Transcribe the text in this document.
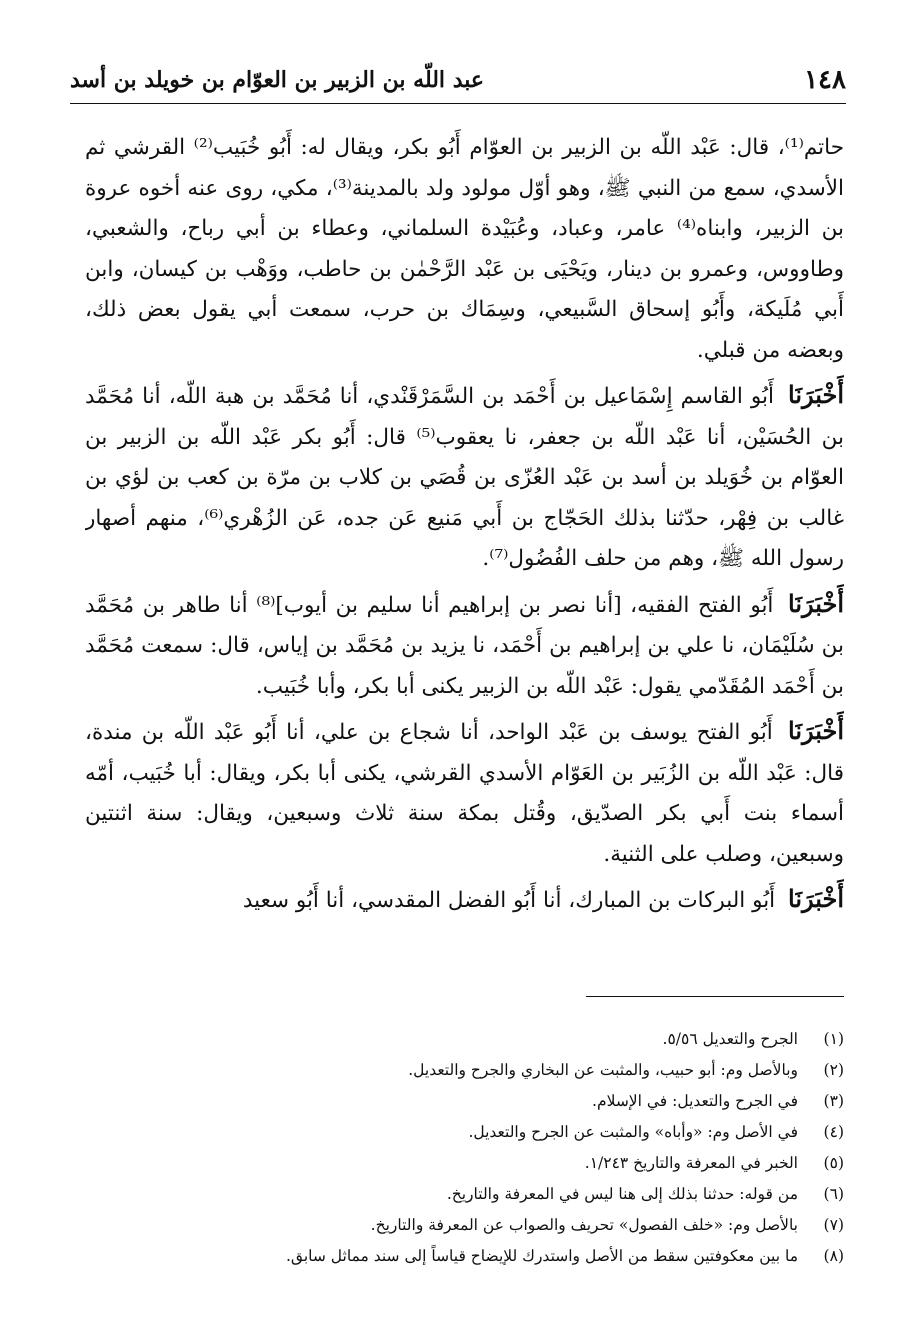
١٤٨
عبد اللّه بن الزبير بن العوّام بن خويلد بن أسد

حاتم⁽¹⁾، قال: عَبْد اللّه بن الزبير بن العوّام أَبُو بكر، ويقال له: أَبُو خُبَيب⁽²⁾ القرشي ثم الأسدي، سمع من النبي ﷺ، وهو أوّل مولود ولد بالمدينة⁽³⁾، مكي، روى عنه أخوه عروة بن الزبير، وابناه⁽⁴⁾ عامر، وعباد، وعُبَيْدة السلماني، وعطاء بن أبي رباح، والشعبي، وطاووس، وعمرو بن دينار، ويَحْيَى بن عَبْد الرَّحْمٰن بن حاطب، ووَهْب بن كيسان، وابن أَبي مُلَيكة، وأَبُو إسحاق السَّبيعي، وسِمَاك بن حرب، سمعت أبي يقول بعض ذلك، وبعضه من قبلي.

أَخْبَرَنَا أَبُو القاسم إِسْمَاعيل بن أَحْمَد بن السَّمَرْقَنْدي، أنا مُحَمَّد بن هبة اللّه، أنا مُحَمَّد بن الحُسَيْن، أنا عَبْد اللّه بن جعفر، نا يعقوب⁽⁵⁾ قال: أَبُو بكر عَبْد اللّه بن الزبير بن العوّام بن خُوَيلد بن أسد بن عَبْد العُزّى بن قُصَي بن كلاب بن مرّة بن كعب بن لؤي بن غالب بن فِهْر، حدّثنا بذلك الحَجّاج بن أَبي مَنيع عَن جده، عَن الزُهْري⁽⁶⁾، منهم أصهار رسول الله ﷺ، وهم من حلف الفُضُول⁽⁷⁾.

أَخْبَرَنَا أَبُو الفتح الفقيه، [أنا نصر بن إبراهيم أنا سليم بن أيوب]⁽⁸⁾ أنا طاهر بن مُحَمَّد بن سُلَيْمَان، نا علي بن إبراهيم بن أَحْمَد، نا يزيد بن مُحَمَّد بن إياس، قال: سمعت مُحَمَّد بن أَحْمَد المُقَدّمي يقول: عَبْد اللّه بن الزبير يكنى أبا بكر، وأبا خُبَيب.

أَخْبَرَنَا أَبُو الفتح يوسف بن عَبْد الواحد، أنا شجاع بن علي، أنا أَبُو عَبْد اللّه بن مندة، قال: عَبْد اللّه بن الزُبَير بن العَوّام الأسدي القرشي، يكنى أبا بكر، ويقال: أبا خُبَيب، أمّه أسماء بنت أَبي بكر الصدّيق، وقُتل بمكة سنة ثلاث وسبعين، ويقال: سنة اثنتين وسبعين، وصلب على الثنية.

أَخْبَرَنَا أَبُو البركات بن المبارك، أنا أَبُو الفضل المقدسي، أنا أَبُو سعيد

(١)
الجرح والتعديل ٥/٥٦.
(٢)
وبالأصل وم: أبو حبيب، والمثبت عن البخاري والجرح والتعديل.
(٣)
في الجرح والتعديل: في الإسلام.
(٤)
في الأصل وم: «وأباه» والمثبت عن الجرح والتعديل.
(٥)
الخبر في المعرفة والتاريخ ١/٢٤٣.
(٦)
من قوله: حدثنا بذلك إلى هنا ليس في المعرفة والتاريخ.
(٧)
بالأصل وم: «خلف الفصول» تحريف والصواب عن المعرفة والتاريخ.
(٨)
ما بين معكوفتين سقط من الأصل واستدرك للإيضاح قياساً إلى سند مماثل سابق.
